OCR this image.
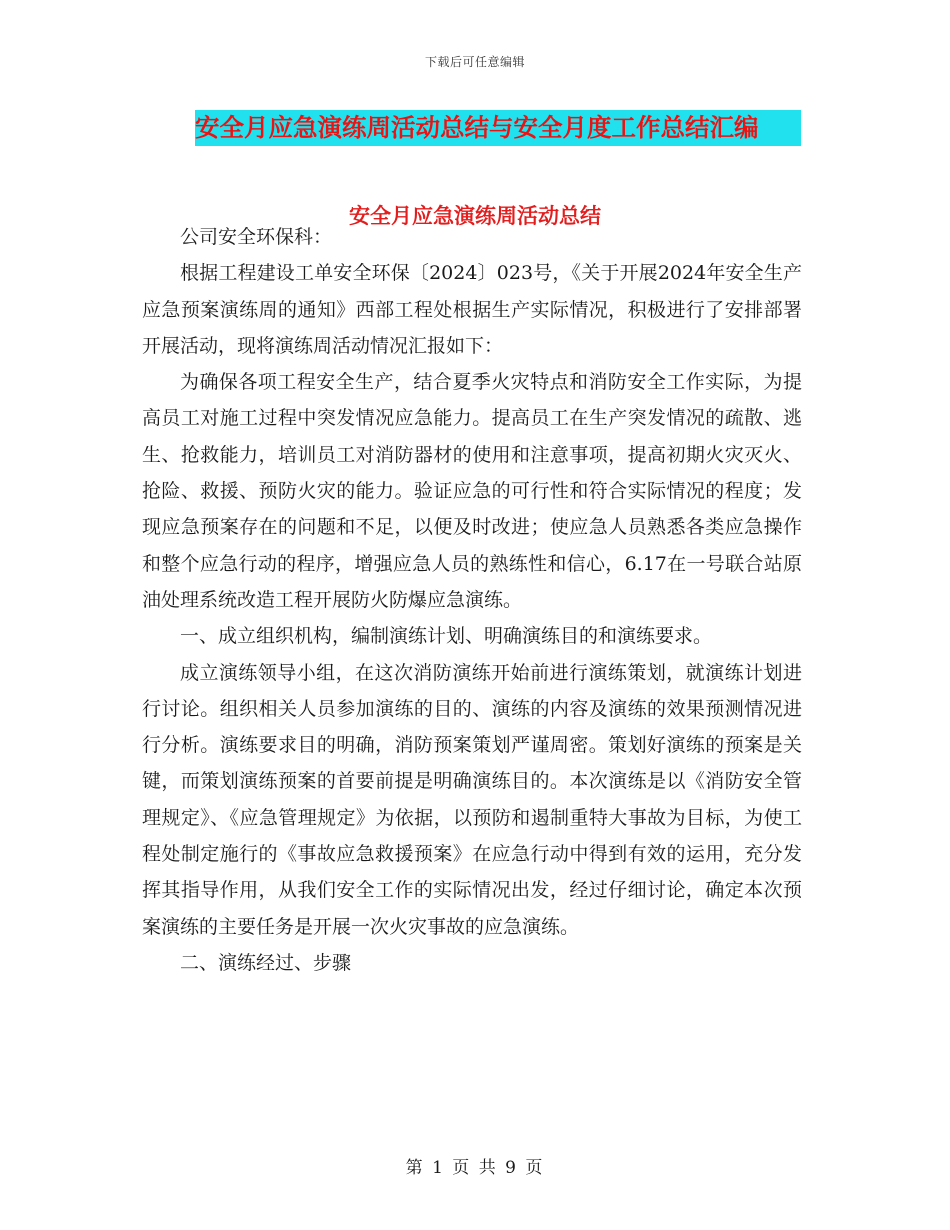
下载后可任意编辑
安全月应急演练周活动总结与安全月度工作总结汇编
安全月应急演练周活动总结

公司安全环保科：

根据工程建设工单安全环保〔2024〕023号，《关于开展2024年安全生产应急预案演练周的通知》西部工程处根据生产实际情况，积极进行了安排部署开展活动，现将演练周活动情况汇报如下：

为确保各项工程安全生产，结合夏季火灾特点和消防安全工作实际，为提高员工对施工过程中突发情况应急能力。提高员工在生产突发情况的疏散、逃生、抢救能力，培训员工对消防器材的使用和注意事项，提高初期火灾灭火、抢险、救援、预防火灾的能力。验证应急的可行性和符合实际情况的程度；发现应急预案存在的问题和不足，以便及时改进；使应急人员熟悉各类应急操作和整个应急行动的程序，增强应急人员的熟练性和信心，6.17在一号联合站原油处理系统改造工程开展防火防爆应急演练。

一、成立组织机构，编制演练计划、明确演练目的和演练要求。

成立演练领导小组，在这次消防演练开始前进行演练策划，就演练计划进行讨论。组织相关人员参加演练的目的、演练的内容及演练的效果预测情况进行分析。演练要求目的明确，消防预案策划严谨周密。策划好演练的预案是关键，而策划演练预案的首要前提是明确演练目的。本次演练是以《消防安全管理规定》、《应急管理规定》为依据，以预防和遏制重特大事故为目标，为使工程处制定施行的《事故应急救援预案》在应急行动中得到有效的运用，充分发挥其指导作用，从我们安全工作的实际情况出发，经过仔细讨论，确定本次预案演练的主要任务是开展一次火灾事故的应急演练。

二、演练经过、步骤

第 1 页 共 9 页
